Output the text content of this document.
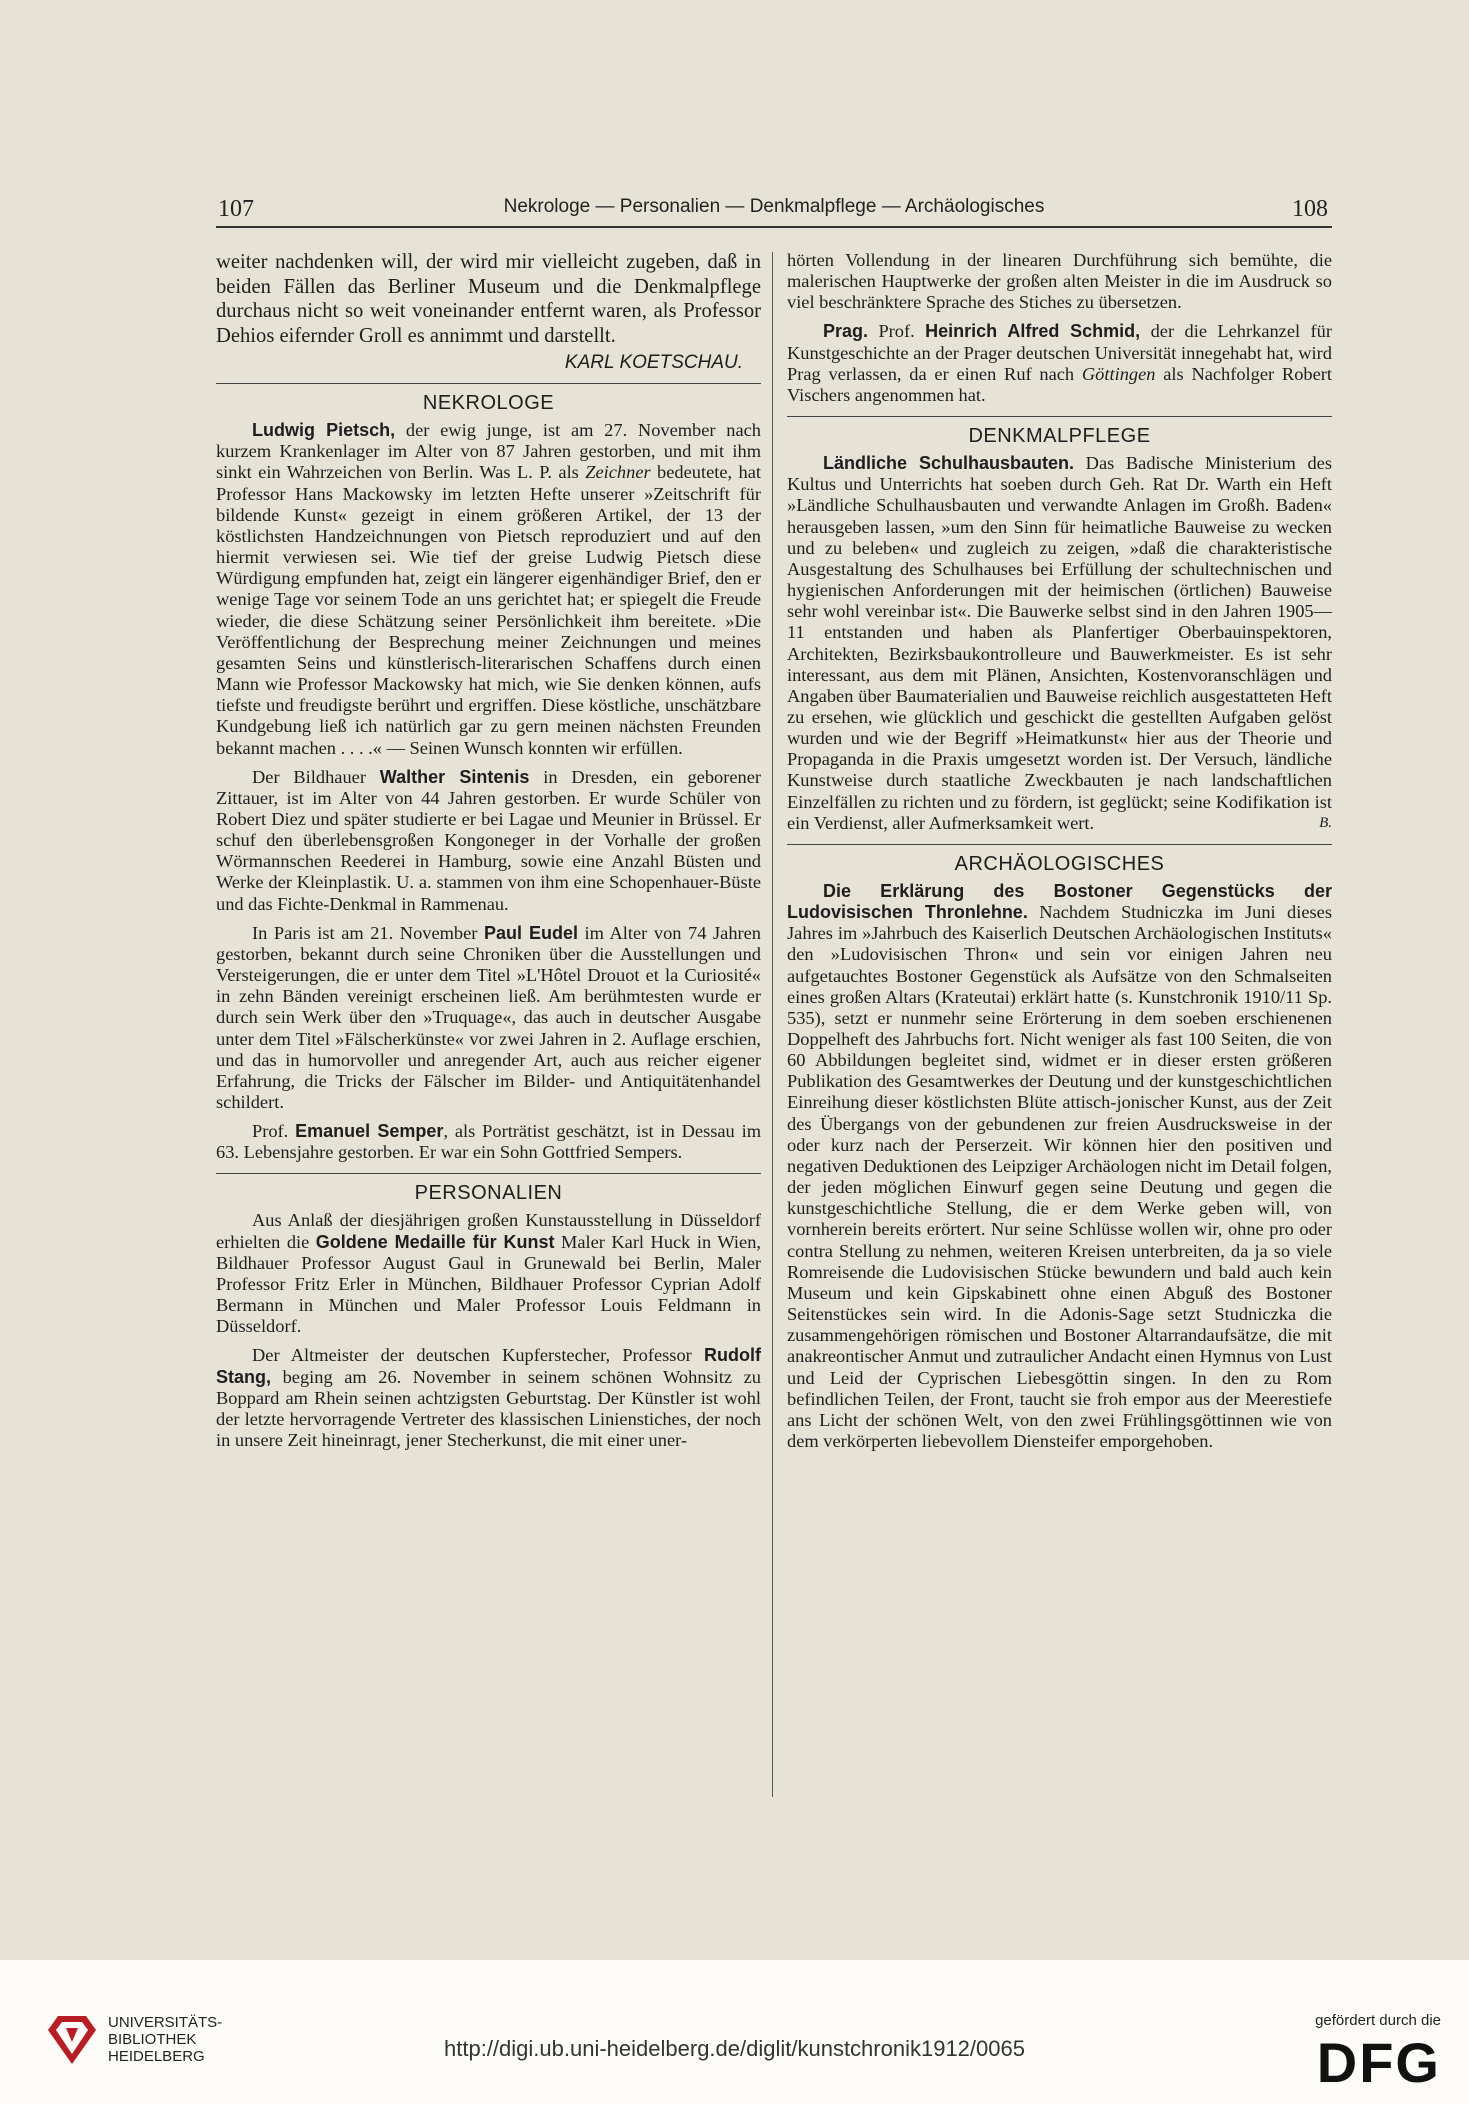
107	Nekrologe — Personalien — Denkmalpflege — Archäologisches	108

weiter nachdenken will, der wird mir vielleicht zugeben, daß in beiden Fällen das Berliner Museum und die Denkmalpflege durchaus nicht so weit voneinander entfernt waren, als Professor Dehios eifernder Groll es annimmt und darstellt.

KARL KOETSCHAU.
NEKROLOGE

Ludwig Pietsch, der ewig junge, ist am 27. November nach kurzem Krankenlager im Alter von 87 Jahren gestorben, und mit ihm sinkt ein Wahrzeichen von Berlin. Was L. P. als Zeichner bedeutete, hat Professor Hans Mackowsky im letzten Hefte unserer »Zeitschrift für bildende Kunst« gezeigt in einem größeren Artikel, der 13 der köstlichsten Handzeichnungen von Pietsch reproduziert und auf den hiermit verwiesen sei. Wie tief der greise Ludwig Pietsch diese Würdigung empfunden hat, zeigt ein längerer eigenhändiger Brief, den er wenige Tage vor seinem Tode an uns gerichtet hat; er spiegelt die Freude wieder, die diese Schätzung seiner Persönlichkeit ihm bereitete. »Die Veröffentlichung der Besprechung meiner Zeichnungen und meines gesamten Seins und künstlerisch-literarischen Schaffens durch einen Mann wie Professor Mackowsky hat mich, wie Sie denken können, aufs tiefste und freudigste berührt und ergriffen. Diese köstliche, unschätzbare Kundgebung ließ ich natürlich gar zu gern meinen nächsten Freunden bekannt machen . . . .« — Seinen Wunsch konnten wir erfüllen.

Der Bildhauer Walther Sintenis in Dresden, ein geborener Zittauer, ist im Alter von 44 Jahren gestorben. Er wurde Schüler von Robert Diez und später studierte er bei Lagae und Meunier in Brüssel. Er schuf den überlebensgroßen Kongoneger in der Vorhalle der großen Wörmannschen Reederei in Hamburg, sowie eine Anzahl Büsten und Werke der Kleinplastik. U. a. stammen von ihm eine Schopenhauer-Büste und das Fichte-Denkmal in Rammenau.

In Paris ist am 21. November Paul Eudel im Alter von 74 Jahren gestorben, bekannt durch seine Chroniken über die Ausstellungen und Versteigerungen, die er unter dem Titel »L'Hôtel Drouot et la Curiosité« in zehn Bänden vereinigt erscheinen ließ. Am berühmtesten wurde er durch sein Werk über den »Truquage«, das auch in deutscher Ausgabe unter dem Titel »Fälscherkünste« vor zwei Jahren in 2. Auflage erschien, und das in humorvoller und anregender Art, auch aus reicher eigener Erfahrung, die Tricks der Fälscher im Bilder- und Antiquitätenhandel schildert.

Prof. Emanuel Semper, als Porträtist geschätzt, ist in Dessau im 63. Lebensjahre gestorben. Er war ein Sohn Gottfried Sempers.

PERSONALIEN

Aus Anlaß der diesjährigen großen Kunstausstellung in Düsseldorf erhielten die Goldene Medaille für Kunst Maler Karl Huck in Wien, Bildhauer Professor August Gaul in Grunewald bei Berlin, Maler Professor Fritz Erler in München, Bildhauer Professor Cyprian Adolf Bermann in München und Maler Professor Louis Feldmann in Düsseldorf.

Der Altmeister der deutschen Kupferstecher, Professor Rudolf Stang, beging am 26. November in seinem schönen Wohnsitz zu Boppard am Rhein seinen achtzigsten Geburtstag. Der Künstler ist wohl der letzte hervorragende Vertreter des klassischen Linienstiches, der noch in unsere Zeit hineinragt, jener Stecherkunst, die mit einer uner-

hörten Vollendung in der linearen Durchführung sich bemühte, die malerischen Hauptwerke der großen alten Meister in die im Ausdruck so viel beschränktere Sprache des Stiches zu übersetzen.

Prag. Prof. Heinrich Alfred Schmid, der die Lehrkanzel für Kunstgeschichte an der Prager deutschen Universität innegehabt hat, wird Prag verlassen, da er einen Ruf nach Göttingen als Nachfolger Robert Vischers angenommen hat.

DENKMALPFLEGE

Ländliche Schulhausbauten. Das Badische Ministerium des Kultus und Unterrichts hat soeben durch Geh. Rat Dr. Warth ein Heft »Ländliche Schulhausbauten und verwandte Anlagen im Großh. Baden« herausgeben lassen, »um den Sinn für heimatliche Bauweise zu wecken und zu beleben« und zugleich zu zeigen, »daß die charakteristische Ausgestaltung des Schulhauses bei Erfüllung der schultechnischen und hygienischen Anforderungen mit der heimischen (örtlichen) Bauweise sehr wohl vereinbar ist«. Die Bauwerke selbst sind in den Jahren 1905—11 entstanden und haben als Planfertiger Oberbauinspektoren, Architekten, Bezirksbaukontrolleure und Bauwerkmeister. Es ist sehr interessant, aus dem mit Plänen, Ansichten, Kostenvoranschlägen und Angaben über Baumaterialien und Bauweise reichlich ausgestatteten Heft zu ersehen, wie glücklich und geschickt die gestellten Aufgaben gelöst wurden und wie der Begriff »Heimatkunst« hier aus der Theorie und Propaganda in die Praxis umgesetzt worden ist. Der Versuch, ländliche Kunstweise durch staatliche Zweckbauten je nach landschaftlichen Einzelfällen zu richten und zu fördern, ist geglückt; seine Kodifikation ist ein Verdienst, aller Aufmerksamkeit wert.	B.

ARCHÄOLOGISCHES

Die Erklärung des Bostoner Gegenstücks der Ludovisischen Thronlehne. Nachdem Studniczka im Juni dieses Jahres im »Jahrbuch des Kaiserlich Deutschen Archäologischen Instituts« den »Ludovisischen Thron« und sein vor einigen Jahren neu aufgetauchtes Bostoner Gegenstück als Aufsätze von den Schmalseiten eines großen Altars (Krateutai) erklärt hatte (s. Kunstchronik 1910/11 Sp. 535), setzt er nunmehr seine Erörterung in dem soeben erschienenen Doppelheft des Jahrbuchs fort. Nicht weniger als fast 100 Seiten, die von 60 Abbildungen begleitet sind, widmet er in dieser ersten größeren Publikation des Gesamtwerkes der Deutung und der kunstgeschichtlichen Einreihung dieser köstlichsten Blüte attisch-jonischer Kunst, aus der Zeit des Übergangs von der gebundenen zur freien Ausdrucksweise in der oder kurz nach der Perserzeit. Wir können hier den positiven und negativen Deduktionen des Leipziger Archäologen nicht im Detail folgen, der jeden möglichen Einwurf gegen seine Deutung und gegen die kunstgeschichtliche Stellung, die er dem Werke geben will, von vornherein bereits erörtert. Nur seine Schlüsse wollen wir, ohne pro oder contra Stellung zu nehmen, weiteren Kreisen unterbreiten, da ja so viele Romreisende die Ludovisischen Stücke bewundern und bald auch kein Museum und kein Gipskabinett ohne einen Abguß des Bostoner Seitenstückes sein wird. In die Adonis-Sage setzt Studniczka die zusammengehörigen römischen und Bostoner Altarrandaufsätze, die mit anakreontischer Anmut und zutraulicher Andacht einen Hymnus von Lust und Leid der Cyprischen Liebesgöttin singen. In den zu Rom befindlichen Teilen, der Front, taucht sie froh empor aus der Meerestiefe ans Licht der schönen Welt, von den zwei Frühlingsgöttinnen wie von dem verkörperten liebevollem Diensteifer emporgehoben.

UNIVERSITÄTS-
BIBLIOTHEK
HEIDELBERG	http://digi.ub.uni-heidelberg.de/diglit/kunstchronik1912/0065
gefördert durch die
DFG
